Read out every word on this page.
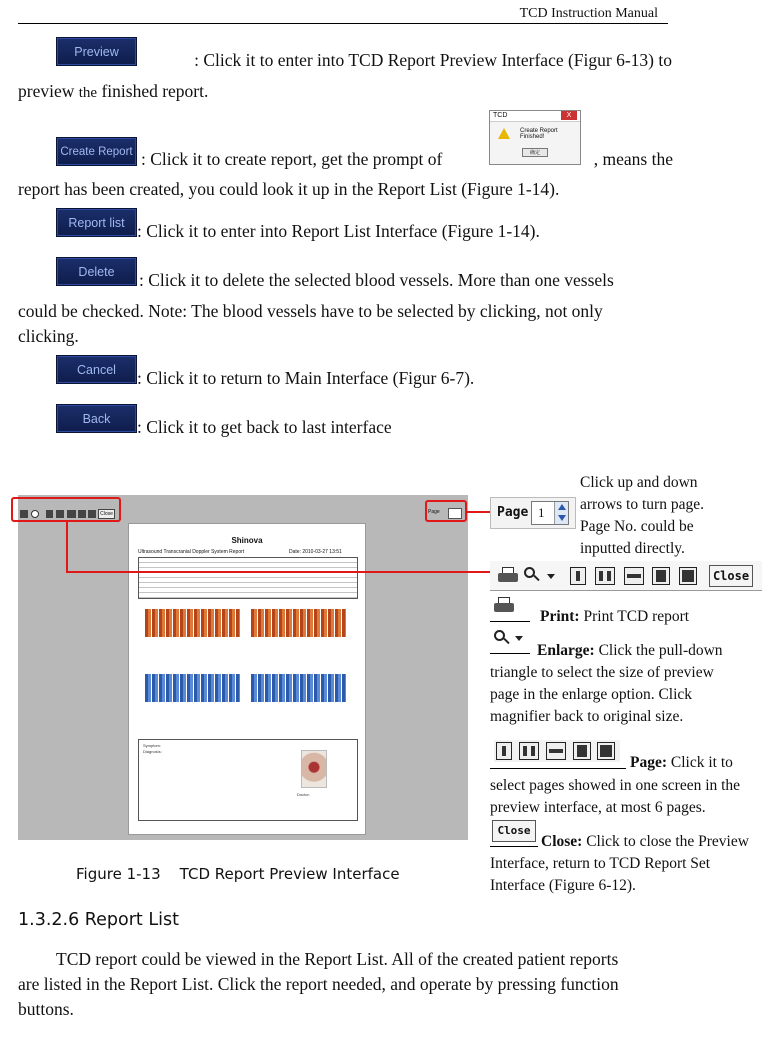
TCD Instruction Manual
Preview	: Click it to enter into TCD Report Preview Interface (Figur 6-13) to
preview the finished report.
Create Report : Click it to create report, get the prompt of
TCD	X
Create Report Finished!
确定	, means the
report has been created, you could look it up in the Report List (Figure 1-14).
Report list : Click it to enter into Report List Interface (Figure 1-14).
Delete	: Click it to delete the selected blood vessels. More than one vessels
could be checked. Note: The blood vessels have to be selected by clicking, not only
clicking.
Cancel	: Click it to return to Main Interface (Figur 6-7).
Back	: Click it to get back to last interface
Close	Page
Shinova
Ultrasound Transcranial Doppler System Report	Date: 2010-03-27 13:51
Symptom:
Diagnosis:
Doctor:
Page 1
Click up and down
arrows to turn page.
Page No. could be
inputted directly.
Close
Print: Print TCD report
Enlarge: Click the pull-down
triangle to select the size of preview
page in the enlarge option. Click
magnifier back to original size.
Page: Click it to
select pages showed in one screen in the
preview interface, at most 6 pages.
Close
Close: Click to close the Preview
Interface, return to TCD Report Set
Interface (Figure 6-12).
Figure 1-13    TCD Report Preview Interface
1.3.2.6 Report List
TCD report could be viewed in the Report List. All of the created patient reports
are listed in the Report List. Click the report needed, and operate by pressing function
buttons.
